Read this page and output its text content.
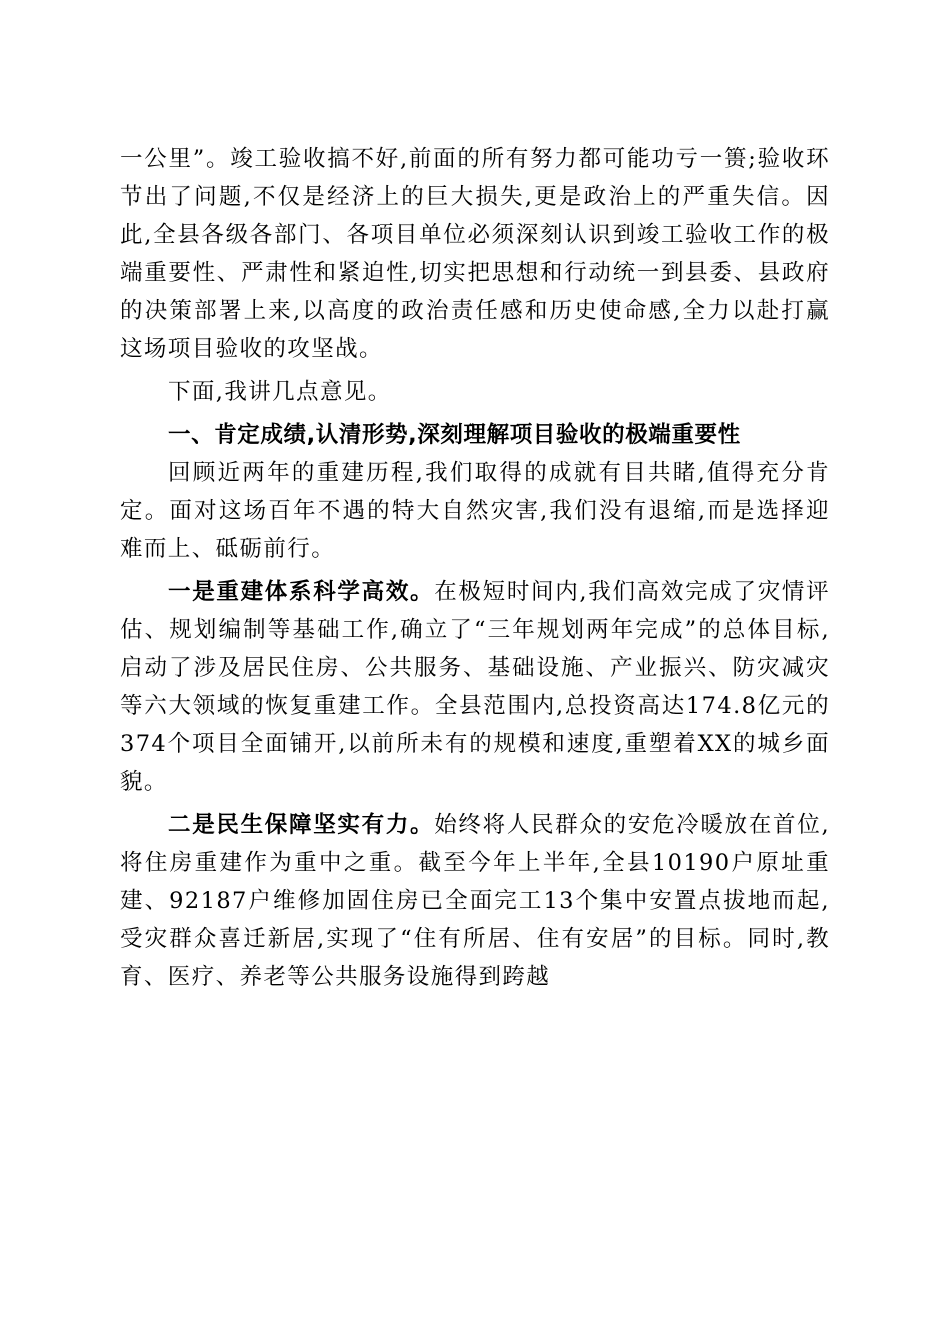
一公里”。竣工验收搞不好,前面的所有努力都可能功亏一篑;验收环节出了问题,不仅是经济上的巨大损失,更是政治上的严重失信。因此,全县各级各部门、各项目单位必须深刻认识到竣工验收工作的极端重要性、严肃性和紧迫性,切实把思想和行动统一到县委、县政府的决策部署上来,以高度的政治责任感和历史使命感,全力以赴打赢这场项目验收的攻坚战。

下面,我讲几点意见。

一、肯定成绩,认清形势,深刻理解项目验收的极端重要性

回顾近两年的重建历程,我们取得的成就有目共睹,值得充分肯定。面对这场百年不遇的特大自然灾害,我们没有退缩,而是选择迎难而上、砥砺前行。

一是重建体系科学高效。在极短时间内,我们高效完成了灾情评估、规划编制等基础工作,确立了“三年规划两年完成”的总体目标,启动了涉及居民住房、公共服务、基础设施、产业振兴、防灾减灾等六大领域的恢复重建工作。全县范围内,总投资高达174.8亿元的374个项目全面铺开,以前所未有的规模和速度,重塑着XX的城乡面貌。

二是民生保障坚实有力。始终将人民群众的安危冷暖放在首位,将住房重建作为重中之重。截至今年上半年,全县10190户原址重建、92187户维修加固住房已全面完工13个集中安置点拔地而起,受灾群众喜迁新居,实现了“住有所居、住有安居”的目标。同时,教育、医疗、养老等公共服务设施得到跨越
